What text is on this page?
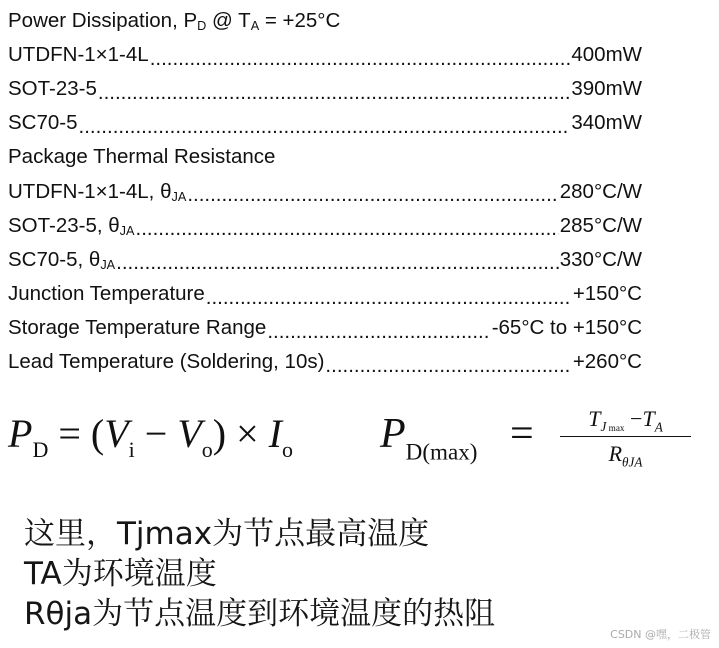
Power Dissipation, $P_D$ @ $T_A = +25^\circ C$
UTDFN-1×1-4L .....	400mW
SOT-23-5 .....	390mW
SC70-5 .....	340mW
Package Thermal Resistance
UTDFN-1×1-4L, $\theta_{JA}$ .....	280°C/W
SOT-23-5, $\theta_{JA}$ .....	285°C/W
SC70-5, $\theta_{JA}$ .....	330°C/W
Junction Temperature .....	+150°C
Storage Temperature Range .....	-65°C to +150°C
Lead Temperature (Soldering, 10s) .....	+260°C
$P_D = (V_i - V_o) \times I_o$ $P_{D(max)}$ =	$T_{J max} -T_A$
$R_{\theta JA}$
这里，Tjmax为节点最高温度
TA为环境温度
Rθja为节点温度到环境温度的热阻
CSDN @嘿，二极管
